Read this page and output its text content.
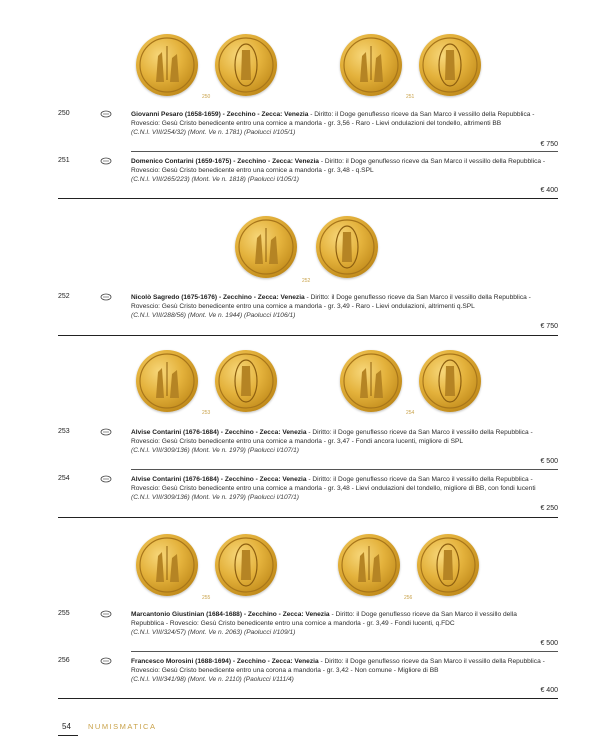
250	251
250	Giovanni Pesaro (1658-1659) - Zecchino - Zecca: Venezia - Diritto: il Doge genuflesso riceve da San Marco il vessillo della Repubblica - Rovescio: Gesù Cristo benedicente entro una cornice a mandorla - gr. 3,56 - Raro - Lievi ondulazioni del tondello, altrimenti BB
(C.N.I. VIII/254/32) (Mont. Ve n. 1781) (Paolucci I/105/1)
€ 750
251	Domenico Contarini (1659-1675) - Zecchino - Zecca: Venezia - Diritto: il Doge genuflesso riceve da San Marco il vessillo della Repubblica - Rovescio: Gesù Cristo benedicente entro una cornice a mandorla - gr. 3,48 - q.SPL
(C.N.I. VIII/265/223) (Mont. Ve n. 1818) (Paolucci I/105/1)
€ 400
252
252	Nicolò Sagredo (1675-1676) - Zecchino - Zecca: Venezia - Diritto: il Doge genuflesso riceve da San Marco il vessillo della Repubblica - Rovescio: Gesù Cristo benedicente entro una cornice a mandorla - gr. 3,49 - Raro - Lievi ondulazioni, altrimenti q.SPL
(C.N.I. VIII/288/56) (Mont. Ve n. 1944) (Paolucci I/106/1)
€ 750
253	254
253	Alvise Contarini (1676-1684) - Zecchino - Zecca: Venezia - Diritto: il Doge genuflesso riceve da San Marco il vessillo della Repubblica - Rovescio: Gesù Cristo benedicente entro una cornice a mandorla - gr. 3,47 - Fondi ancora lucenti, migliore di SPL
(C.N.I. VIII/309/136) (Mont. Ve n. 1979) (Paolucci I/107/1)
€ 500
254	Alvise Contarini (1676-1684) - Zecchino - Zecca: Venezia - Diritto: il Doge genuflesso riceve da San Marco il vessillo della Repubblica - Rovescio: Gesù Cristo benedicente entro una cornice a mandorla - gr. 3,48 - Lievi ondulazioni del tondello, migliore di BB, con fondi lucenti
(C.N.I. VIII/309/136) (Mont. Ve n. 1979) (Paolucci I/107/1)
€ 250
255	256
255	Marcantonio Giustinian (1684-1688) - Zecchino - Zecca: Venezia - Diritto: il Doge genuflesso riceve da San Marco il vessillo della Repubblica - Rovescio: Gesù Cristo benedicente entro una cornice a mandorla - gr. 3,49 - Fondi lucenti, q.FDC
(C.N.I. VIII/324/57) (Mont. Ve n. 2063) (Paolucci I/109/1)
€ 500
256	Francesco Morosini (1688-1694) - Zecchino - Zecca: Venezia - Diritto: il Doge genuflesso riceve da San Marco il vessillo della Repubblica - Rovescio: Gesù Cristo benedicente entro una corona a mandorla - gr. 3,42 - Non comune - Migliore di BB
(C.N.I. VIII/341/98) (Mont. Ve n. 2110) (Paolucci I/111/4)
€ 400
54 NUMISMATICA
